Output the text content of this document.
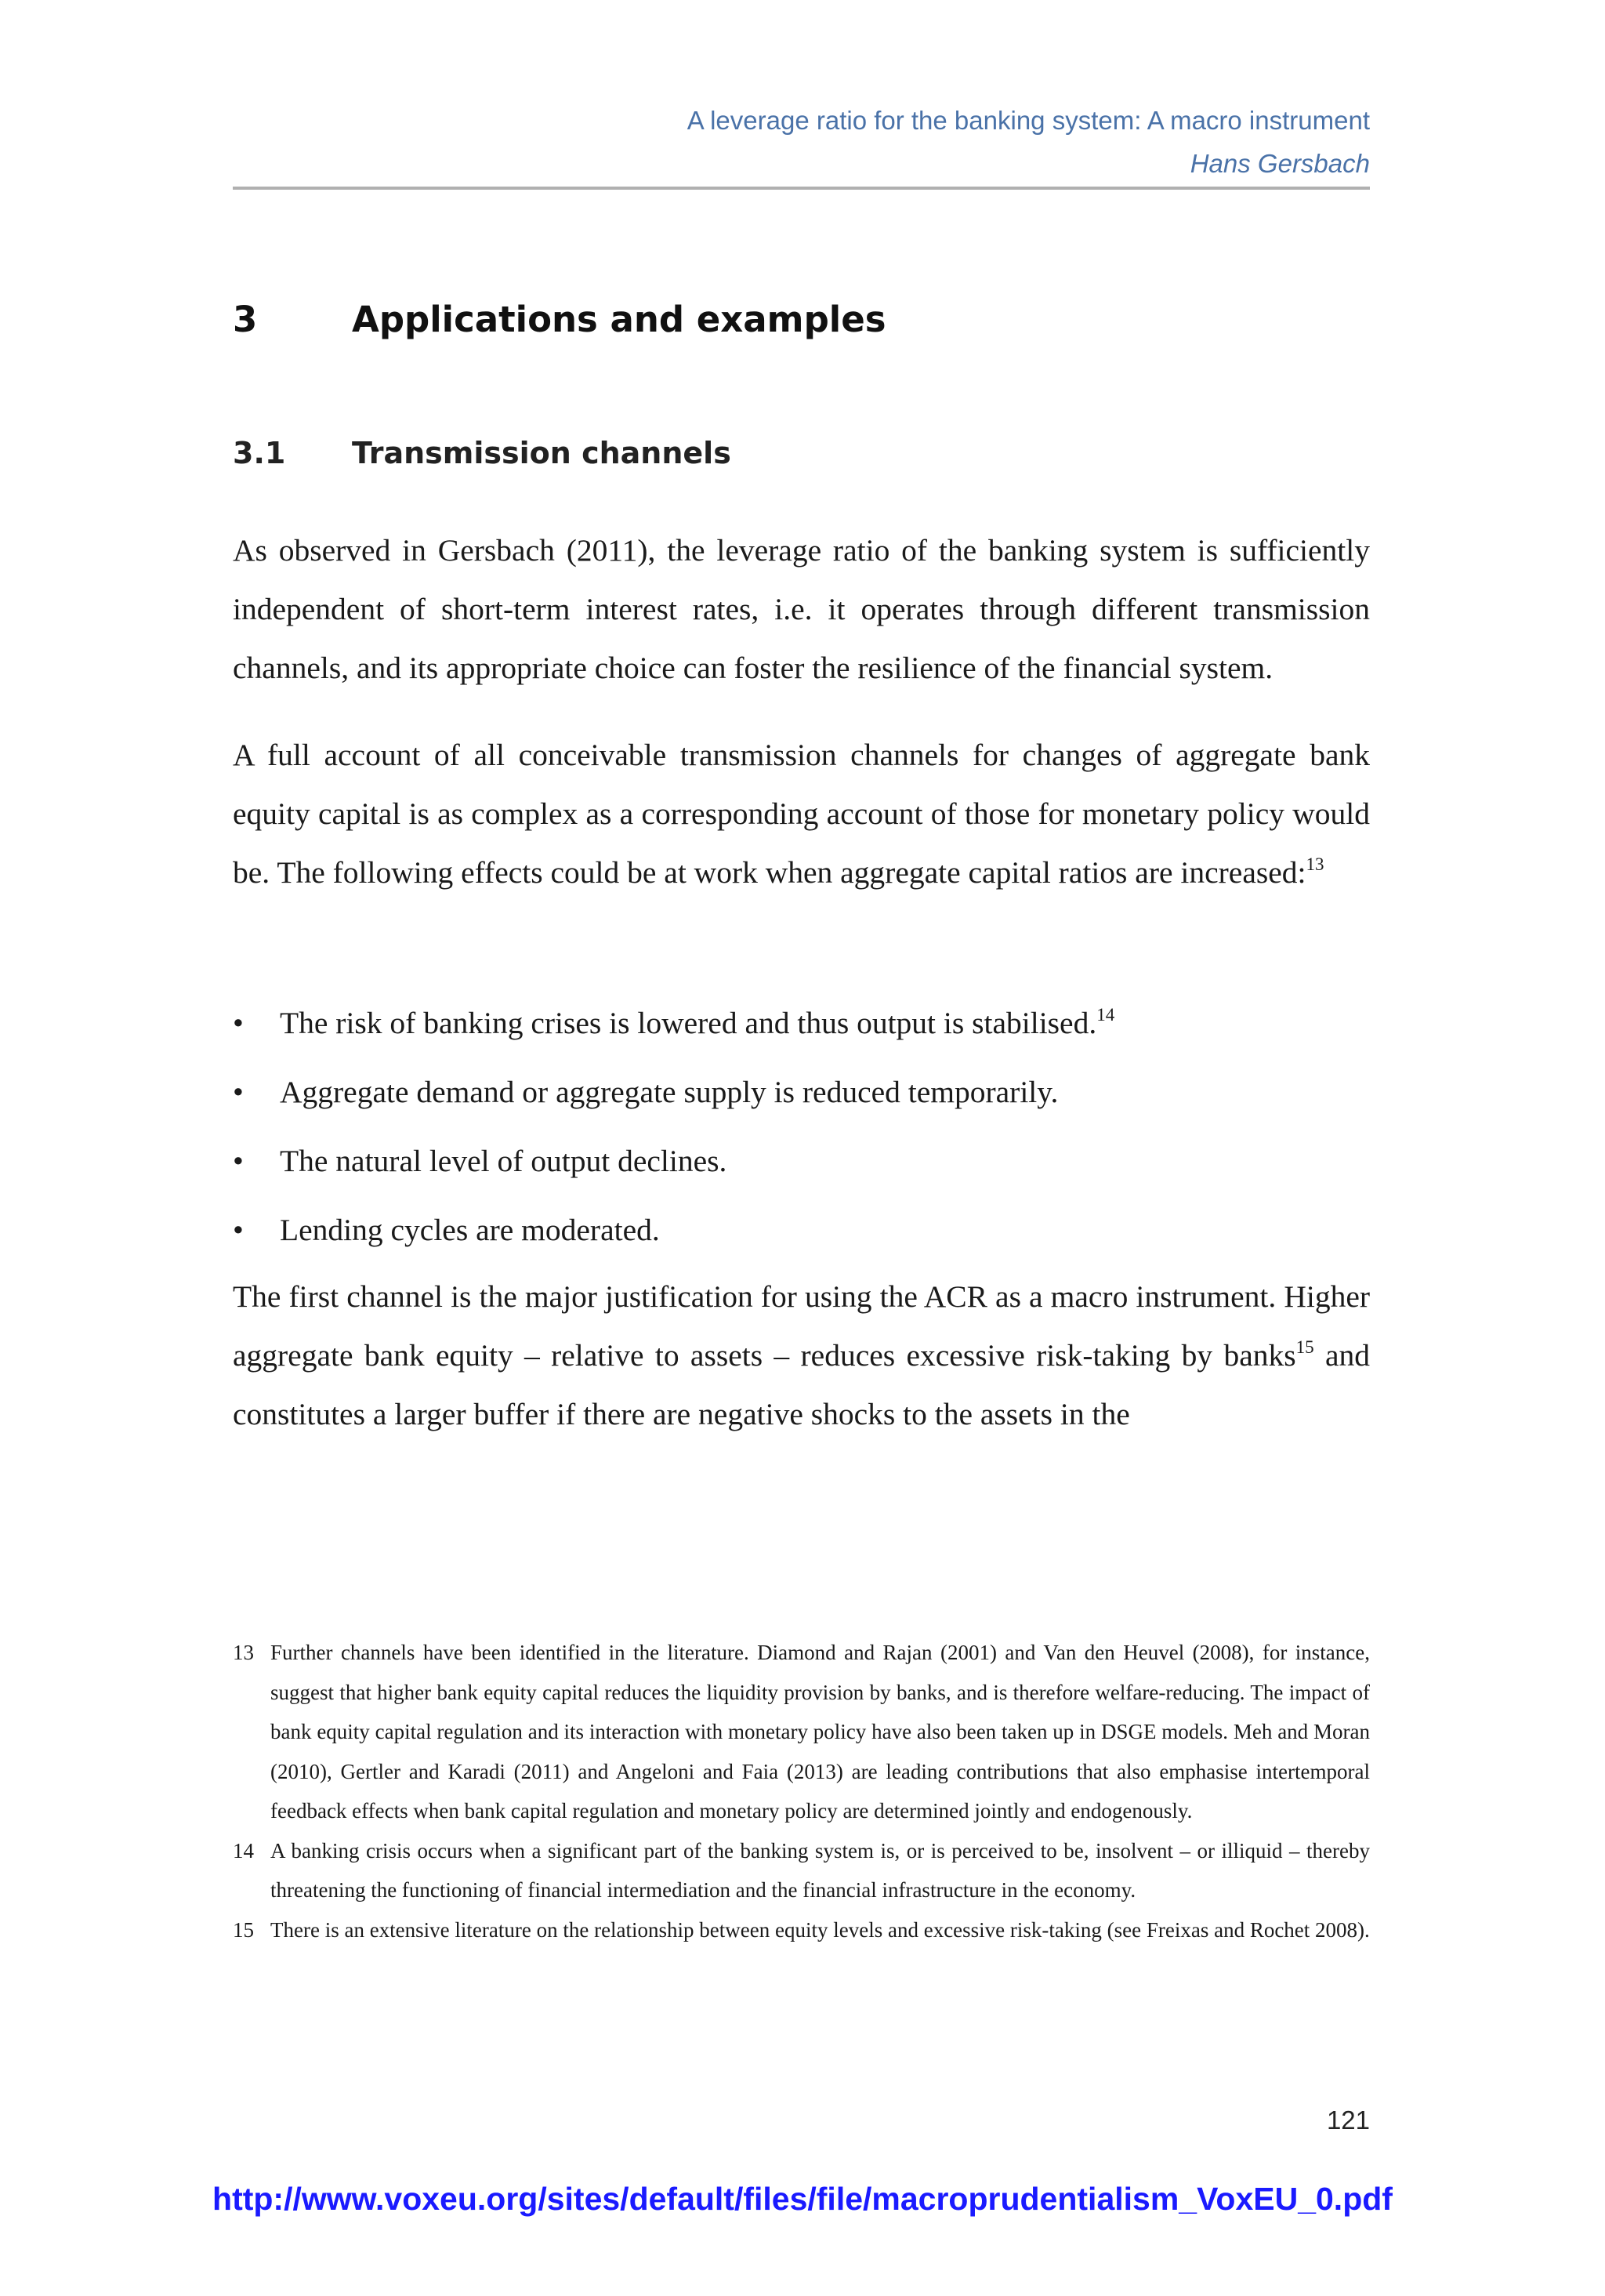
A leverage ratio for the banking system: A macro instrument
Hans Gersbach
3	Applications and examples
3.1 Transmission channels

As observed in Gersbach (2011), the leverage ratio of the banking system is sufficiently independent of short-term interest rates, i.e. it operates through different transmission channels, and its appropriate choice can foster the resilience of the financial system.

A full account of all conceivable transmission channels for changes of aggregate bank equity capital is as complex as a corresponding account of those for monetary policy would be. The following effects could be at work when aggregate capital ratios are increased:$^{13}$

• The risk of banking crises is lowered and thus output is stabilised.$^{14}$
• Aggregate demand or aggregate supply is reduced temporarily.
• The natural level of output declines.
• Lending cycles are moderated.

The first channel is the major justification for using the ACR as a macro instrument. Higher aggregate bank equity – relative to assets – reduces excessive risk-taking by banks$^{15}$ and constitutes a larger buffer if there are negative shocks to the assets in the

13 Further channels have been identified in the literature. Diamond and Rajan (2001) and Van den Heuvel (2008), for instance, suggest that higher bank equity capital reduces the liquidity provision by banks, and is therefore welfare-reducing. The impact of bank equity capital regulation and its interaction with monetary policy have also been taken up in DSGE models. Meh and Moran (2010), Gertler and Karadi (2011) and Angeloni and Faia (2013) are leading contributions that also emphasise intertemporal feedback effects when bank capital regulation and monetary policy are determined jointly and endogenously.
14 A banking crisis occurs when a significant part of the banking system is, or is perceived to be, insolvent – or illiquid – thereby threatening the functioning of financial intermediation and the financial infrastructure in the economy.
15 There is an extensive literature on the relationship between equity levels and excessive risk-taking (see Freixas and Rochet 2008).
121
http://www.voxeu.org/sites/default/files/file/macroprudentialism_VoxEU_0.pdf
